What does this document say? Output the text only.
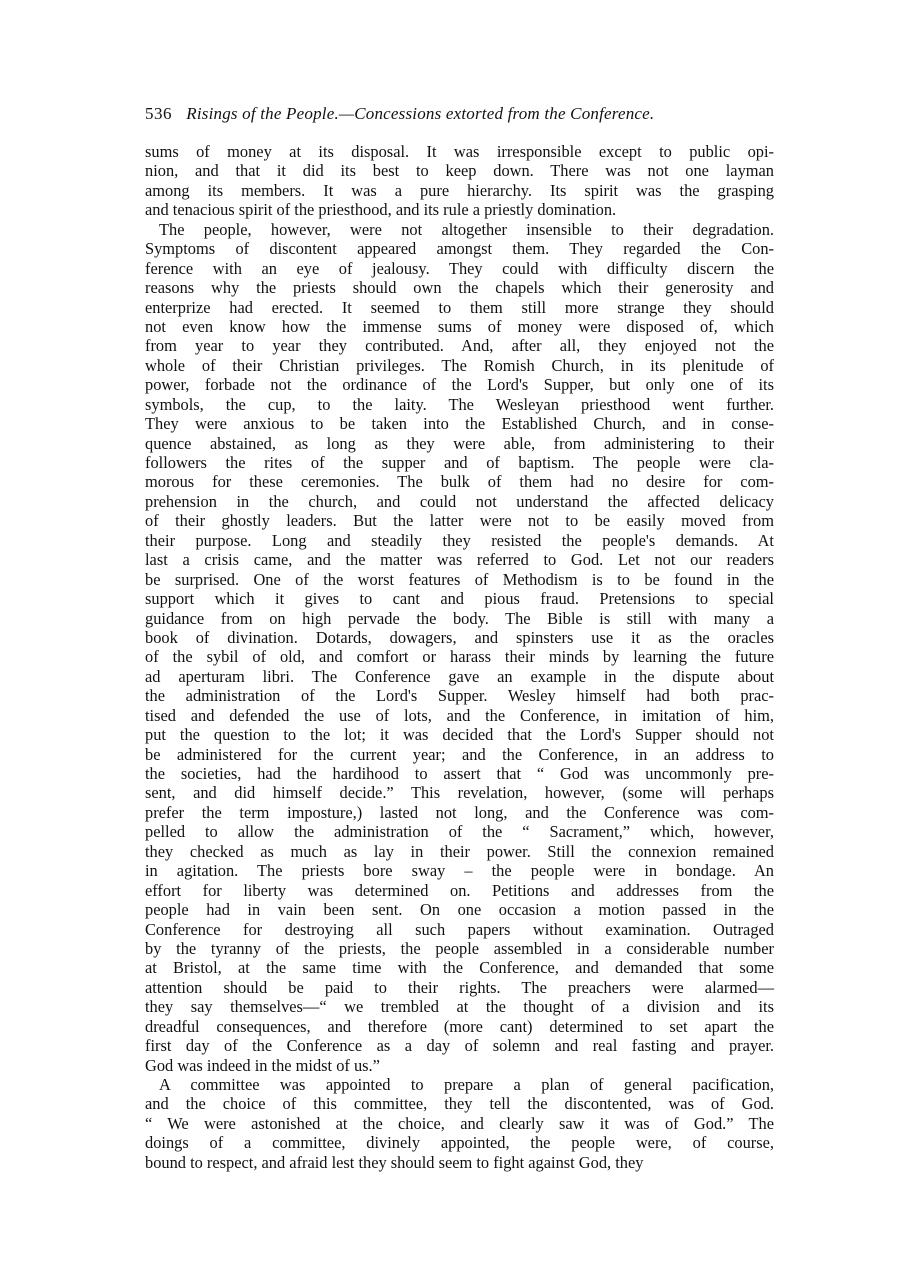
536 Risings of the People.—Concessions extorted from the Conference.
sums of money at its disposal. It was irresponsible except to public opi-
nion, and that it did its best to keep down. There was not one layman
among its members. It was a pure hierarchy. Its spirit was the grasping
and tenacious spirit of the priesthood, and its rule a priestly domination.
The people, however, were not altogether insensible to their degradation.
Symptoms of discontent appeared amongst them. They regarded the Con-
ference with an eye of jealousy. They could with difficulty discern the
reasons why the priests should own the chapels which their generosity and
enterprize had erected. It seemed to them still more strange they should
not even know how the immense sums of money were disposed of, which
from year to year they contributed. And, after all, they enjoyed not the
whole of their Christian privileges. The Romish Church, in its plenitude of
power, forbade not the ordinance of the Lord's Supper, but only one of its
symbols, the cup, to the laity. The Wesleyan priesthood went further.
They were anxious to be taken into the Established Church, and in conse-
quence abstained, as long as they were able, from administering to their
followers the rites of the supper and of baptism. The people were cla-
morous for these ceremonies. The bulk of them had no desire for com-
prehension in the church, and could not understand the affected delicacy
of their ghostly leaders. But the latter were not to be easily moved from
their purpose. Long and steadily they resisted the people's demands. At
last a crisis came, and the matter was referred to God. Let not our readers
be surprised. One of the worst features of Methodism is to be found in the
support which it gives to cant and pious fraud. Pretensions to special
guidance from on high pervade the body. The Bible is still with many a
book of divination. Dotards, dowagers, and spinsters use it as the oracles
of the sybil of old, and comfort or harass their minds by learning the future
ad aperturam libri. The Conference gave an example in the dispute about
the administration of the Lord's Supper. Wesley himself had both prac-
tised and defended the use of lots, and the Conference, in imitation of him,
put the question to the lot; it was decided that the Lord's Supper should not
be administered for the current year; and the Conference, in an address to
the societies, had the hardihood to assert that “ God was uncommonly pre-
sent, and did himself decide.” This revelation, however, (some will perhaps
prefer the term imposture,) lasted not long, and the Conference was com-
pelled to allow the administration of the “ Sacrament,” which, however,
they checked as much as lay in their power. Still the connexion remained
in agitation. The priests bore sway – the people were in bondage. An
effort for liberty was determined on. Petitions and addresses from the
people had in vain been sent. On one occasion a motion passed in the
Conference for destroying all such papers without examination. Outraged
by the tyranny of the priests, the people assembled in a considerable number
at Bristol, at the same time with the Conference, and demanded that some
attention should be paid to their rights. The preachers were alarmed—
they say themselves—“ we trembled at the thought of a division and its
dreadful consequences, and therefore (more cant) determined to set apart the
first day of the Conference as a day of solemn and real fasting and prayer.
God was indeed in the midst of us.”
A committee was appointed to prepare a plan of general pacification,
and the choice of this committee, they tell the discontented, was of God.
“ We were astonished at the choice, and clearly saw it was of God.” The
doings of a committee, divinely appointed, the people were, of course,
bound to respect, and afraid lest they should seem to fight against God, they
